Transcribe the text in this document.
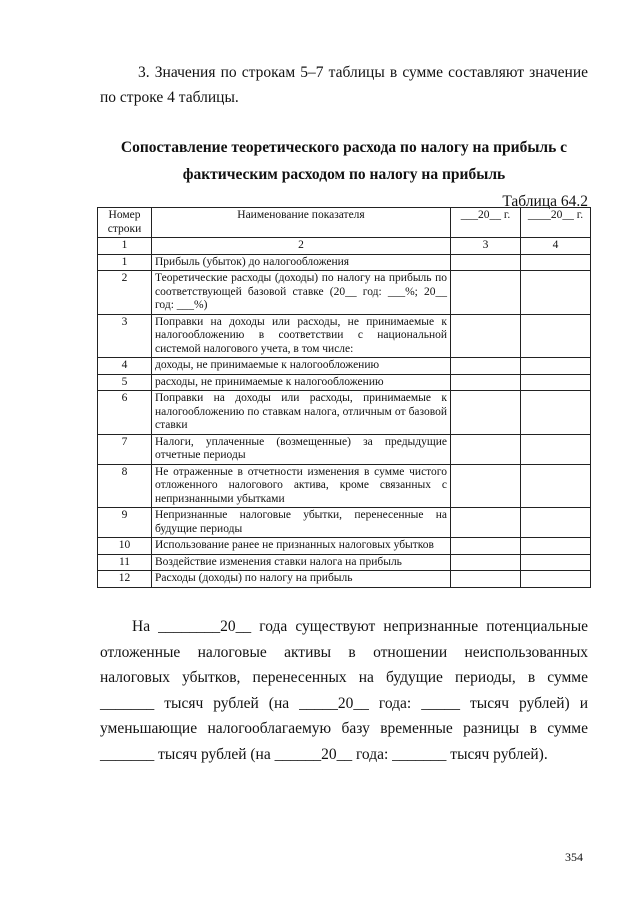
3. Значения по строкам 5–7 таблицы в сумме составляют значение по строке 4 таблицы.

Сопоставление теоретического расхода по налогу на прибыль с
фактическим расходом по налогу на прибыль
Таблица 64.2
Номер строки	Наименование показателя	___20__ г.	____20__ г.
1	2	3	4
1	Прибыль (убыток) до налогообложения		
2	Теоретические расходы (доходы) по налогу на прибыль по соответствующей базовой ставке (20__ год: ___%; 20__ год: ___%)		
3	Поправки на доходы или расходы, не принимаемые к налогообложению в соответствии с национальной системой налогового учета, в том числе:		
4	доходы, не принимаемые к налогообложению		
5	расходы, не принимаемые к налогообложению		
6	Поправки на доходы или расходы, принимаемые к налогообложению по ставкам налога, отличным от базовой ставки		
7	Налоги, уплаченные (возмещенные) за предыдущие отчетные периоды		
8	Не отраженные в отчетности изменения в сумме чистого отложенного налогового актива, кроме связанных с непризнанными убытками		
9	Непризнанные налоговые убытки, перенесенные на будущие периоды		
10	Использование ранее не признанных налоговых убытков		
11	Воздействие изменения ставки налога на прибыль		
12	Расходы (доходы) по налогу на прибыль		

На ________20__ года существуют непризнанные потенциальные отложенные налоговые активы в отношении неиспользованных налоговых убытков, перенесенных на будущие периоды, в сумме _______ тысяч рублей (на _____20__ года: _____ тысяч рублей) и уменьшающие налогооблагаемую базу временные разницы в сумме _______ тысяч рублей (на ______20__ года: _______ тысяч рублей).

354
